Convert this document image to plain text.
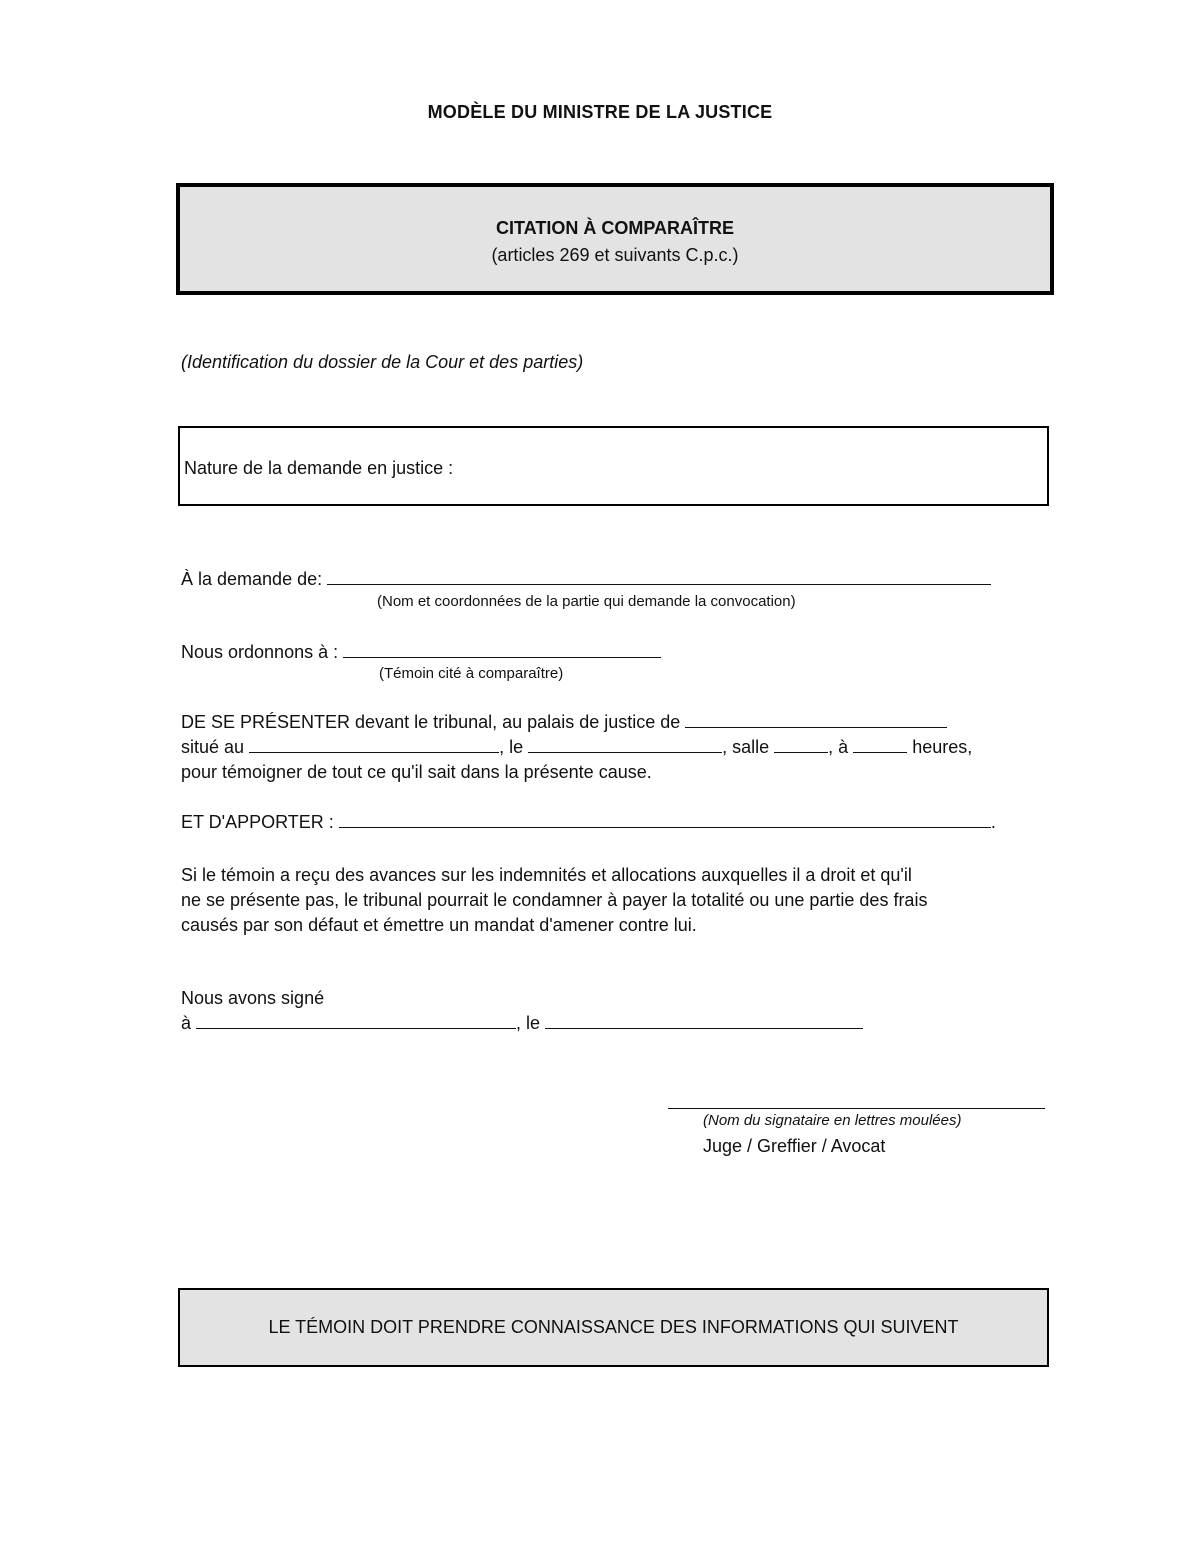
MODÈLE DU MINISTRE DE LA JUSTICE
CITATION À COMPARAÎTRE
(articles 269 et suivants C.p.c.)
(Identification du dossier de la Cour et des parties)
Nature de la demande en justice :
À la demande de:
(Nom et coordonnées de la partie qui demande la convocation)
Nous ordonnons à :
(Témoin cité à comparaître)
DE SE PRÉSENTER devant le tribunal, au palais de justice de
situé au	, le	, salle	, à	heures,
pour témoigner de tout ce qu'il sait dans la présente cause.
ET D'APPORTER :	.
Si le témoin a reçu des avances sur les indemnités et allocations auxquelles il a droit et qu'il
ne se présente pas, le tribunal pourrait le condamner à payer la totalité ou une partie des frais
causés par son défaut et émettre un mandat d'amener contre lui.
Nous avons signé
à	, le
(Nom du signataire en lettres moulées)
Juge / Greffier / Avocat
LE TÉMOIN DOIT PRENDRE CONNAISSANCE DES INFORMATIONS QUI SUIVENT
